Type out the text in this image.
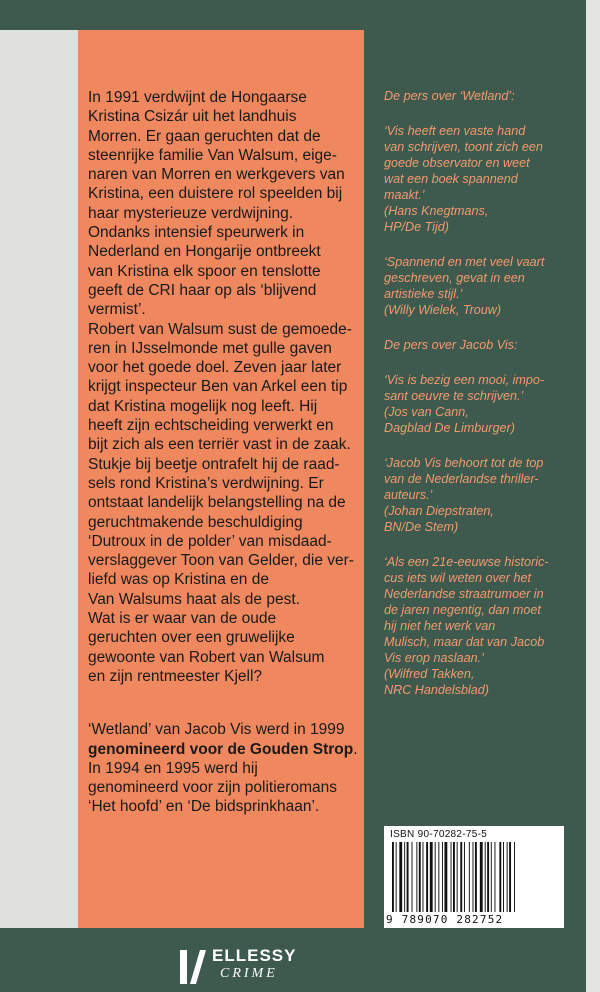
In 1991 verdwijnt de Hongaarse
Kristina Csizár uit het landhuis
Morren. Er gaan geruchten dat de
steenrijke familie Van Walsum, eige-
naren van Morren en werkgevers van
Kristina, een duistere rol speelden bij
haar mysterieuze verdwijning.
Ondanks intensief speurwerk in
Nederland en Hongarije ontbreekt
van Kristina elk spoor en tenslotte
geeft de CRI haar op als ‘blijvend
vermist’.
Robert van Walsum sust de gemoede-
ren in IJsselmonde met gulle gaven
voor het goede doel. Zeven jaar later
krijgt inspecteur Ben van Arkel een tip
dat Kristina mogelijk nog leeft. Hij
heeft zijn echtscheiding verwerkt en
bijt zich als een terriër vast in de zaak.
Stukje bij beetje ontrafelt hij de raad-
sels rond Kristina’s verdwijning. Er
ontstaat landelijk belangstelling na de
geruchtmakende beschuldiging
‘Dutroux in de polder’ van misdaad-
verslaggever Toon van Gelder, die ver-
liefd was op Kristina en de
Van Walsums haat als de pest.
Wat is er waar van de oude
geruchten over een gruwelijke
gewoonte van Robert van Walsum
en zijn rentmeester Kjell?

‘Wetland’ van Jacob Vis werd in 1999
genomineerd voor de Gouden Strop. In 1994 en 1995 werd hij
genomineerd voor zijn politieromans
‘Het hoofd’ en ‘De bidsprinkhaan’.

De pers over ‘Wetland’:

‘Vis heeft een vaste hand
van schrijven, toont zich een
goede observator en weet
wat een boek spannend
maakt.’
(Hans Knegtmans,
HP/De Tijd)

‘Spannend en met veel vaart
geschreven, gevat in een
artistieke stijl.’
(Willy Wielek, Trouw)

De pers over Jacob Vis:

‘Vis is bezig een mooi, impo-
sant oeuvre te schrijven.’
(Jos van Cann,
Dagblad De Limburger)

‘Jacob Vis behoort tot de top
van de Nederlandse thriller-
auteurs.’
(Johan Diepstraten,
BN/De Stem)

‘Als een 21e-eeuwse historic-
cus iets wil weten over het
Nederlandse straatrumoer in
de jaren negentig, dan moet
hij niet het werk van
Mulisch, maar dat van Jacob
Vis erop naslaan.’
(Wilfred Takken,
NRC Handelsblad)

ISBN 90-70282-75-5
9 789070 282752
ELLESSY
CRIME
